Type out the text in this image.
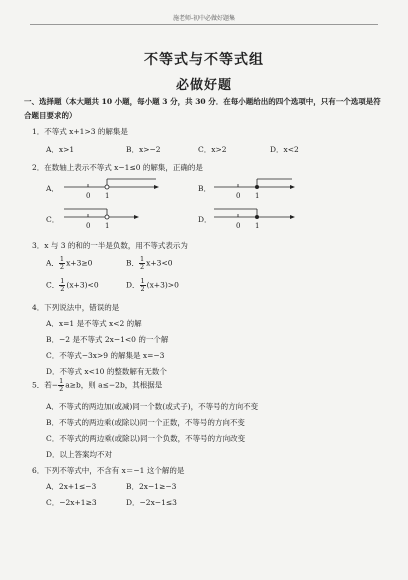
施老师-初中必做好题集
不等式与不等式组
必做好题
一、选择题（本大题共 10 小题，每小题 3 分，共 30 分．在每小题给出的四个选项中，只有一个选项是符
合题目要求的）
1．不等式 x+1>3 的解集是
A．x>1	B．x>−2	C．x>2	D．x<2
2．在数轴上表示不等式 x−1≤0 的解集，正确的是
A．
0 1
B．
0 1
C．
0 1
D．
0 1
3．x 与 3 的和的一半是负数，用不等式表示为
A． $\frac{1}{2} x+3\ge 0$	B． $\frac{1}{2} x+3<0$
C． $\frac{1}{2} (x+3)<0$	D． $\frac{1}{2} (x+3)>0$
4．下列说法中，错误的是
A．x=1 是不等式 x<2 的解
B．−2 是不等式 2x−1<0 的一个解
C．不等式−3x>9 的解集是 x=−3
D．不等式 x<10 的整数解有无数个
5．若− $\frac{1}{2} a\ge b$，则 a≤−2b，其根据是
A．不等式的两边加(或减)同一个数(或式子)，不等号的方向不变
B．不等式的两边乘(或除以)同一个正数，不等号的方向不变
C．不等式的两边乘(或除以)同一个负数，不等号的方向改变
D．以上答案均不对
6．下列不等式中，不含有 x＝−1 这个解的是
A．2x+1≤−3	B．2x−1≥−3
C．−2x+1≥3	D．−2x−1≤3
